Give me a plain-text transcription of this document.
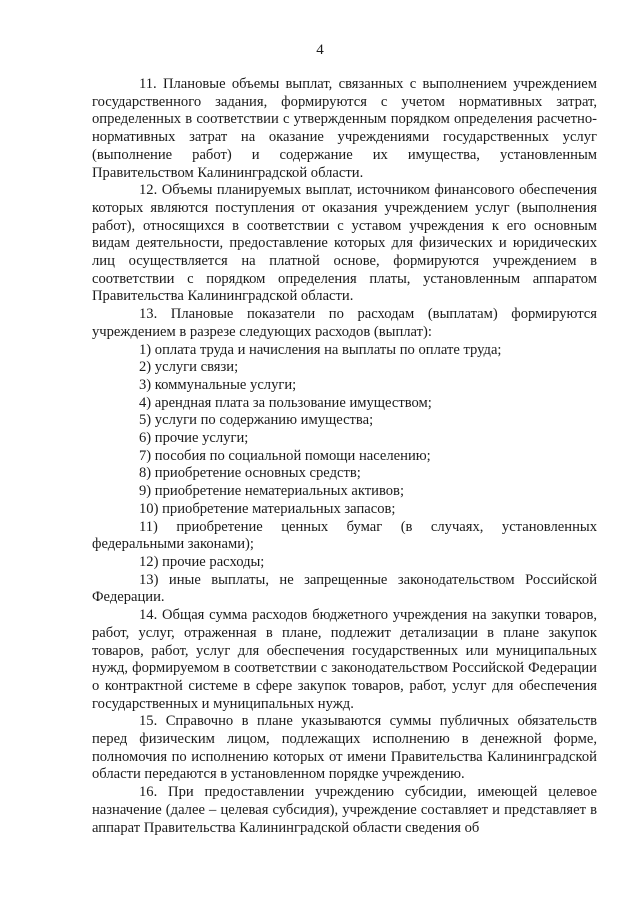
4

11. Плановые объемы выплат, связанных с выполнением учреждением государственного задания, формируются с учетом нормативных затрат, определенных в соответствии с утвержденным порядком определения расчетно-нормативных затрат на оказание учреждениями государственных услуг (выполнение работ) и содержание их имущества, установленным Правительством Калининградской области.

12. Объемы планируемых выплат, источником финансового обеспечения которых являются поступления от оказания учреждением услуг (выполнения работ), относящихся в соответствии с уставом учреждения к его основным видам деятельности, предоставление которых для физических и юридических лиц осуществляется на платной основе, формируются учреждением в соответствии с порядком определения платы, установленным аппаратом Правительства Калининградской области.

13. Плановые показатели по расходам (выплатам) формируются учреждением в разрезе следующих расходов (выплат):

1) оплата труда и начисления на выплаты по оплате труда;

2) услуги связи;

3) коммунальные услуги;

4) арендная плата за пользование имуществом;

5) услуги по содержанию имущества;

6) прочие услуги;

7) пособия по социальной помощи населению;

8) приобретение основных средств;

9) приобретение нематериальных активов;

10) приобретение материальных запасов;

11) приобретение ценных бумаг (в случаях, установленных федеральными законами);

12) прочие расходы;

13) иные выплаты, не запрещенные законодательством Российской Федерации.

14. Общая сумма расходов бюджетного учреждения на закупки товаров, работ, услуг, отраженная в плане, подлежит детализации в плане закупок товаров, работ, услуг для обеспечения государственных или муниципальных нужд, формируемом в соответствии с законодательством Российской Федерации о контрактной системе в сфере закупок товаров, работ, услуг для обеспечения государственных и муниципальных нужд.

15. Справочно в плане указываются суммы публичных обязательств перед физическим лицом, подлежащих исполнению в денежной форме, полномочия по исполнению которых от имени Правительства Калининградской области передаются в установленном порядке учреждению.

16. При предоставлении учреждению субсидии, имеющей целевое назначение (далее – целевая субсидия), учреждение составляет и представляет в аппарат Правительства Калининградской области сведения об
